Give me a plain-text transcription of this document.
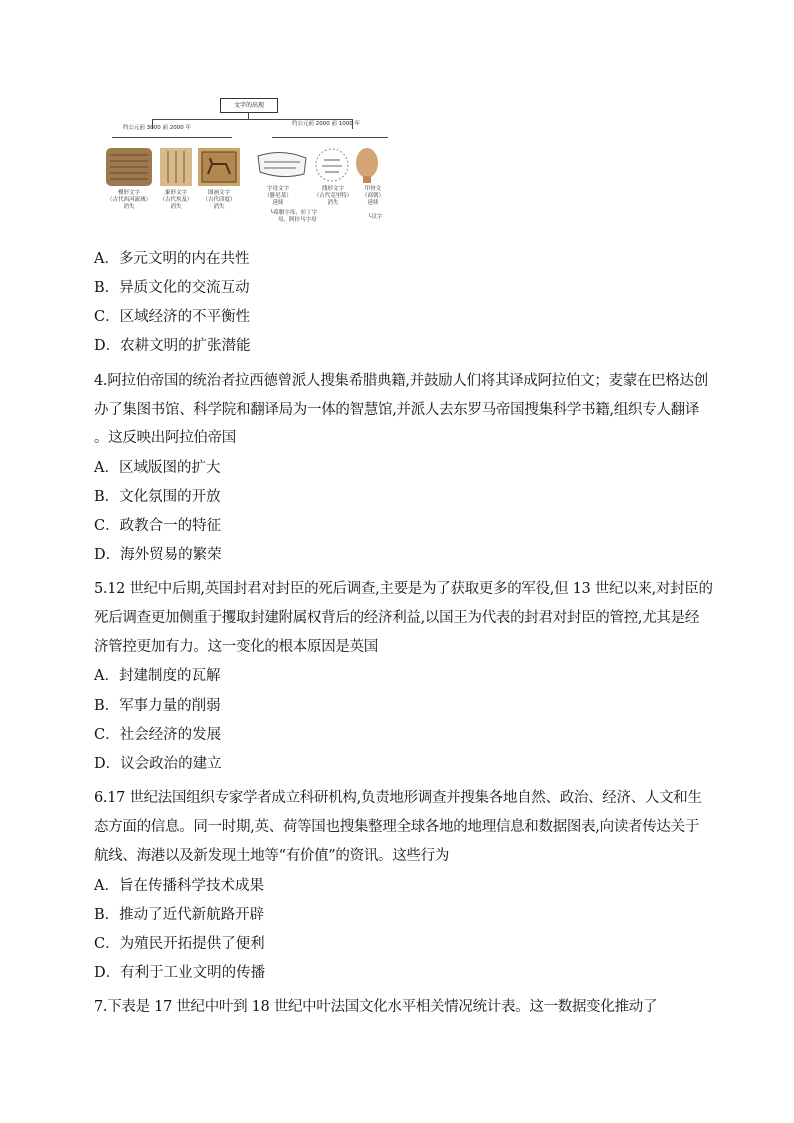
文字的出现
约公元前 3000 前 2000 年
约公元前 2000 前 1000 年
楔形文字
（古代西河流域）
消失
象形文字
（古代埃及）
消失
图画文字
（古代印度）
消失
字母文字
（腓尼基）
延续
线形文字
（古代克里特）
消失
甲骨文
（商朝）
延续
└希腊字母、拉丁字
母、阿拉马字母	└汉字
A．多元文明的内在共性
B．异质文化的交流互动
C．区域经济的不平衡性
D．农耕文明的扩张潜能
4.阿拉伯帝国的统治者拉西德曾派人搜集希腊典籍,并鼓励人们将其译成阿拉伯文；麦蒙在巴格达创
办了集图书馆、科学院和翻译局为一体的智慧馆,并派人去东罗马帝国搜集科学书籍,组织专人翻译
。这反映出阿拉伯帝国
A．区域版图的扩大
B．文化氛围的开放
C．政教合一的特征
D．海外贸易的繁荣
5.12 世纪中后期,英国封君对封臣的死后调查,主要是为了获取更多的军役,但 13 世纪以来,对封臣的
死后调查更加侧重于攫取封建附属权背后的经济利益,以国王为代表的封君对封臣的管控,尤其是经
济管控更加有力。这一变化的根本原因是英国
A．封建制度的瓦解
B．军事力量的削弱
C．社会经济的发展
D．议会政治的建立
6.17 世纪法国组织专家学者成立科研机构,负责地形调查并搜集各地自然、政治、经济、人文和生
态方面的信息。同一时期,英、荷等国也搜集整理全球各地的地理信息和数据图表,向读者传达关于
航线、海港以及新发现土地等“有价值”的资讯。这些行为
A．旨在传播科学技术成果
B．推动了近代新航路开辟
C．为殖民开拓提供了便利
D．有利于工业文明的传播
7.下表是 17 世纪中叶到 18 世纪中叶法国文化水平相关情况统计表。这一数据变化推动了
